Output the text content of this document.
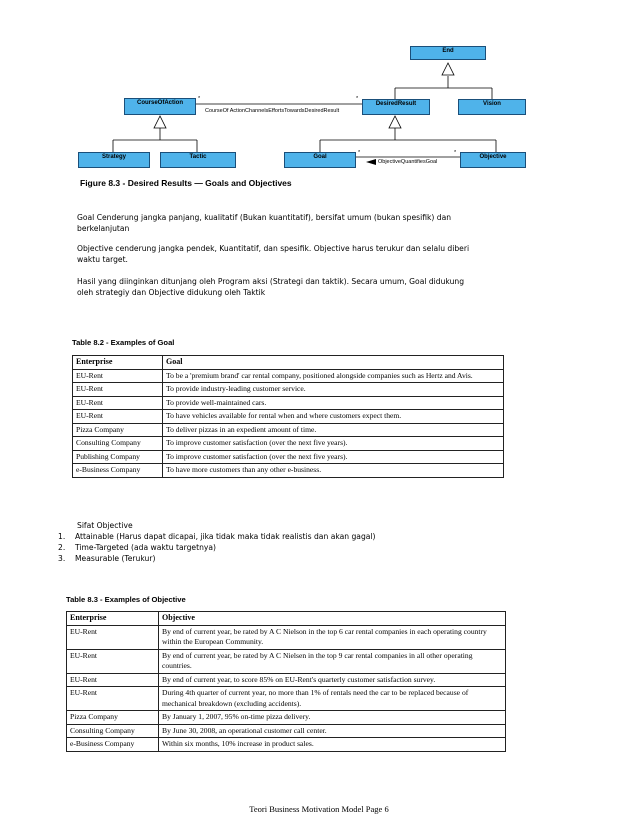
End
CourseOfAction	DesiredResult	Vision
Strategy	Tactic	Goal	Objective
CourseOf ActionChannelsEffortsTowardsDesiredResult
ObjectiveQuantifiesGoal
*	*
*	*
Figure 8.3 - Desired Results — Goals and Objectives
Goal Cenderung jangka panjang, kualitatif (Bukan kuantitatif), bersifat umum (bukan spesifik) dan berkelanjutan
Objective cenderung jangka pendek, Kuantitatif, dan spesifik. Objective harus terukur dan selalu diberi waktu target.
Hasil yang diinginkan ditunjang oleh Program aksi (Strategi dan taktik). Secara umum, Goal didukung oleh strategiy dan Objective didukung oleh Taktik
Table 8.2 - Examples of Goal
Enterprise	Goal
EU-Rent	To be a 'premium brand' car rental company, positioned alongside companies such as Hertz and Avis.
EU-Rent	To provide industry-leading customer service.
EU-Rent	To provide well-maintained cars.
EU-Rent	To have vehicles available for rental when and where customers expect them.
Pizza Company	To deliver pizzas in an expedient amount of time.
Consulting Company	To improve customer satisfaction (over the next five years).
Publishing Company	To improve customer satisfaction (over the next five years).
e-Business Company	To have more customers than any other e-business.
Sifat Objective
1. Attainable (Harus dapat dicapai, jika tidak maka tidak realistis dan akan gagal)
2. Time-Targeted (ada waktu targetnya)
3. Measurable (Terukur)
Table 8.3 - Examples of Objective
Enterprise	Objective
EU-Rent	By end of current year, be rated by A C Nielson in the top 6 car rental companies in each operating country within the European Community.
EU-Rent	By end of current year, be rated by A C Nielsen in the top 9 car rental companies in all other operating countries.
EU-Rent	By end of current year, to score 85% on EU-Rent's quarterly customer satisfaction survey.
EU-Rent	During 4th quarter of current year, no more than 1% of rentals need the car to be replaced because of mechanical breakdown (excluding accidents).
Pizza Company	By January 1, 2007, 95% on-time pizza delivery.
Consulting Company	By June 30, 2008, an operational customer call center.
e-Business Company	Within six months, 10% increase in product sales.
Teori Business Motivation Model Page 6
